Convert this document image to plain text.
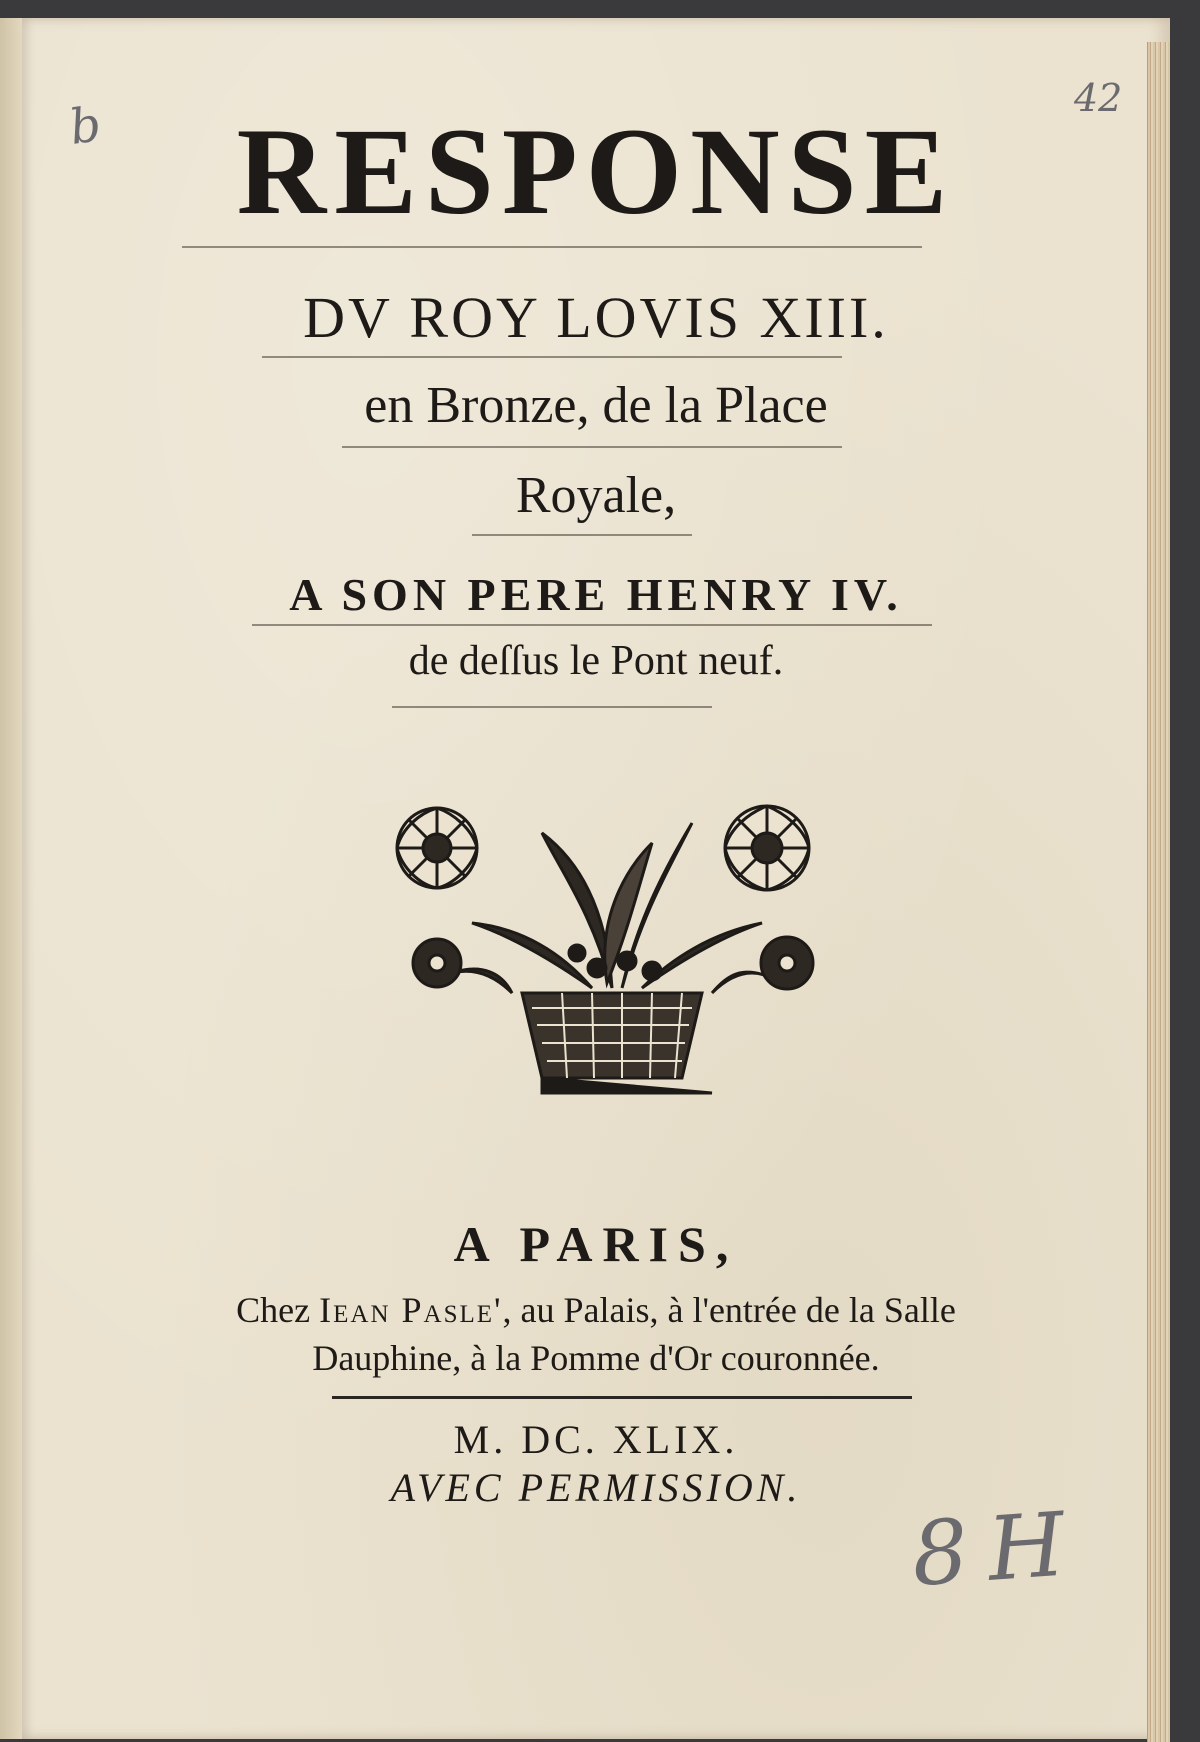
b	42
RESPONSE
DV ROY LOVIS XIII.
en Bronze, de la Place
Royale,
A SON PERE HENRY IV.
de deſſus le Pont neuf.
A PARIS,
Chez Iean Pasle', au Palais, à l'entrée de la Salle
Dauphine, à la Pomme d'Or couronnée.
M. DC. XLIX.
AVEC PERMISSION.
8 H
